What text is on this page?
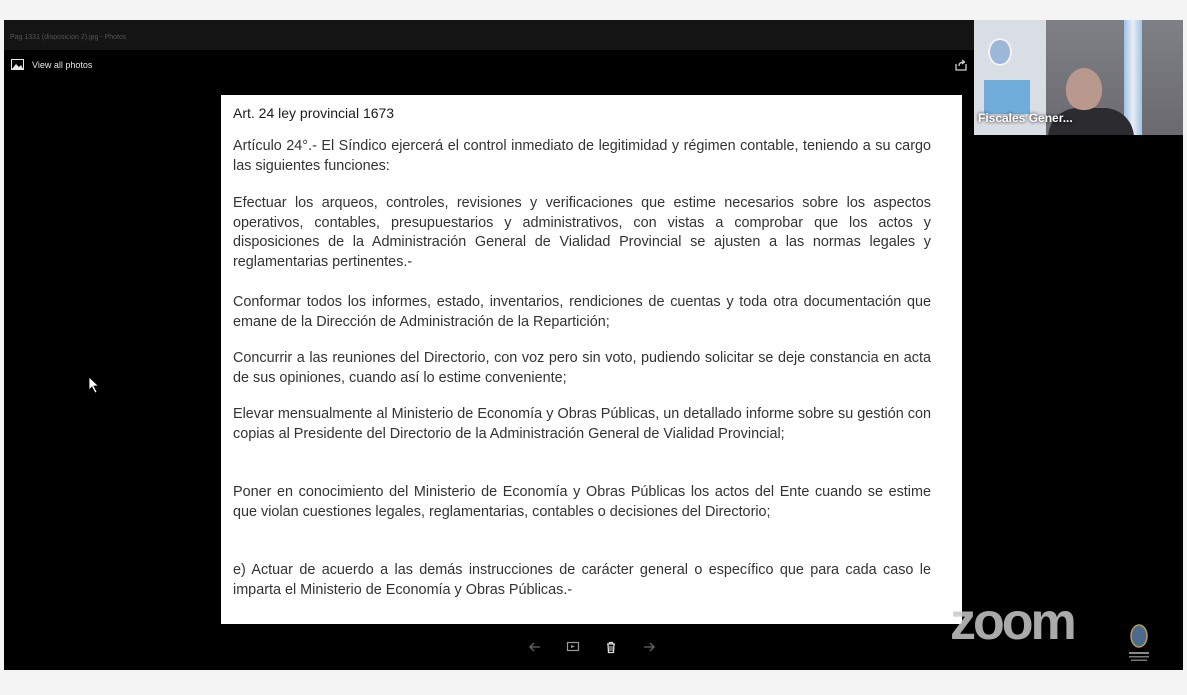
Pag 1331 (disposicion 2).jpg - Photos
View all photos
Art. 24 ley provincial 1673
Artículo 24°.- El Síndico ejercerá el control inmediato de legitimidad y régimen contable, teniendo a su cargo las siguientes funciones:
Efectuar los arqueos, controles, revisiones y verificaciones que estime necesarios sobre los aspectos operativos, contables, presupuestarios y administrativos, con vistas a comprobar que los actos y disposiciones de la Administración General de Vialidad Provincial se ajusten a las normas legales y reglamentarias pertinentes.-
Conformar todos los informes, estado, inventarios, rendiciones de cuentas y toda otra documentación que emane de la Dirección de Administración de la Repartición;
Concurrir a las reuniones del Directorio, con voz pero sin voto, pudiendo solicitar se deje constancia en acta de sus opiniones, cuando así lo estime conveniente;
Elevar mensualmente al Ministerio de Economía y Obras Públicas, un detallado informe sobre su gestión con copias al Presidente del Directorio de la Administración General de Vialidad Provincial;
Poner en conocimiento del Ministerio de Economía y Obras Públicas los actos del Ente cuando se estime que violan cuestiones legales, reglamentarias, contables o decisiones del Directorio;
e) Actuar de acuerdo a las demás instrucciones de carácter general o específico que para cada caso le imparta el Ministerio de Economía y Obras Públicas.-
Fiscales Gener...
zoom
